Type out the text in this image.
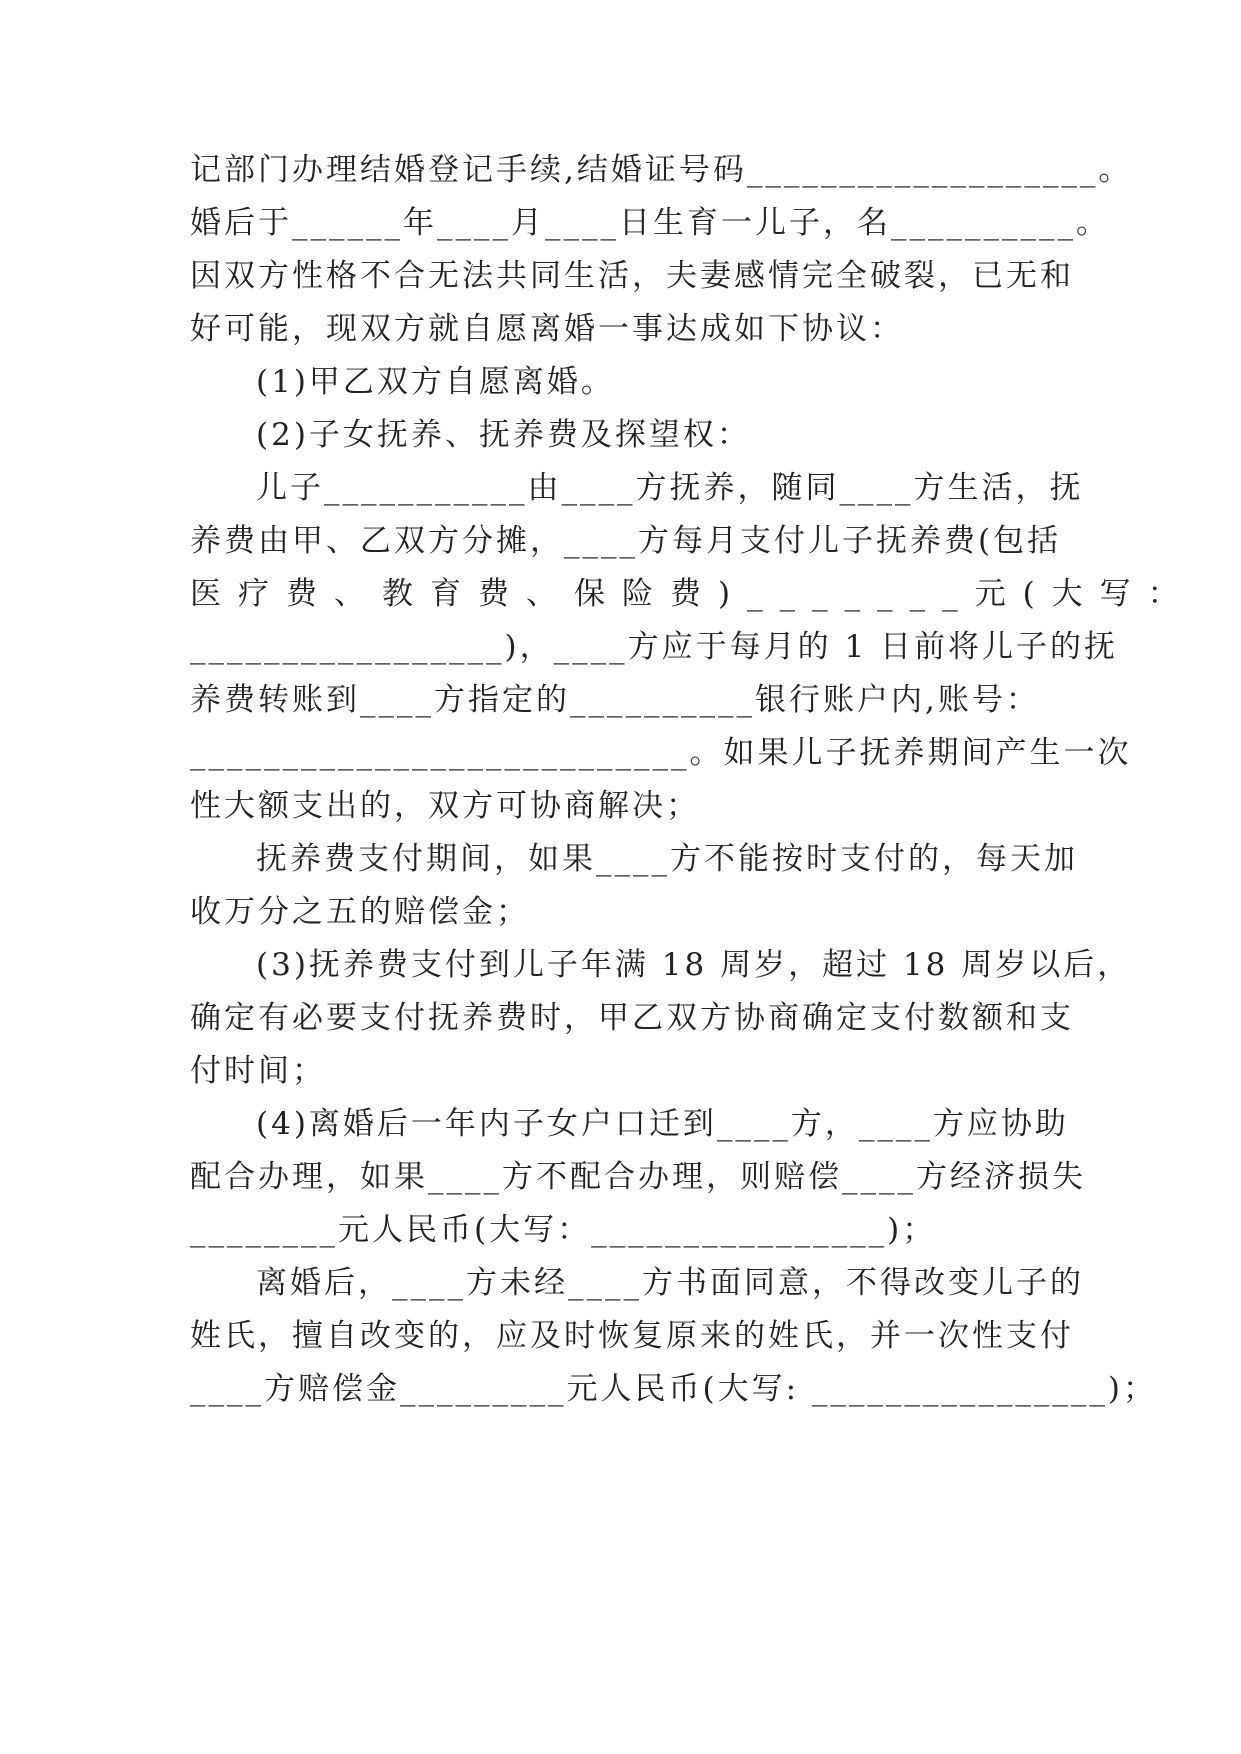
记部门办理结婚登记手续,结婚证号码___________________。
婚后于______年____月____日生育一儿子，名__________。
因双方性格不合无法共同生活，夫妻感情完全破裂，已无和
好可能，现双方就自愿离婚一事达成如下协议：
(1)甲乙双方自愿离婚。
(2)子女抚养、抚养费及探望权：
儿子___________由____方抚养，随同____方生活，抚
养费由甲、乙双方分摊，____方每月支付儿子抚养费(包括
医疗费、教育费、保险费)_______元(大写：
_________________)，____方应于每月的 1 日前将儿子的抚
养费转账到____方指定的__________银行账户内,账号：
___________________________。如果儿子抚养期间产生一次
性大额支出的，双方可协商解决；
抚养费支付期间，如果____方不能按时支付的，每天加
收万分之五的赔偿金；
(3)抚养费支付到儿子年满 18 周岁，超过 18 周岁以后，
确定有必要支付抚养费时，甲乙双方协商确定支付数额和支
付时间；
(4)离婚后一年内子女户口迁到____方，____方应协助
配合办理，如果____方不配合办理，则赔偿____方经济损失
________元人民币(大写：________________)；
离婚后，____方未经____方书面同意，不得改变儿子的
姓氏，擅自改变的，应及时恢复原来的姓氏，并一次性支付
____方赔偿金_________元人民币(大写: ________________)；
